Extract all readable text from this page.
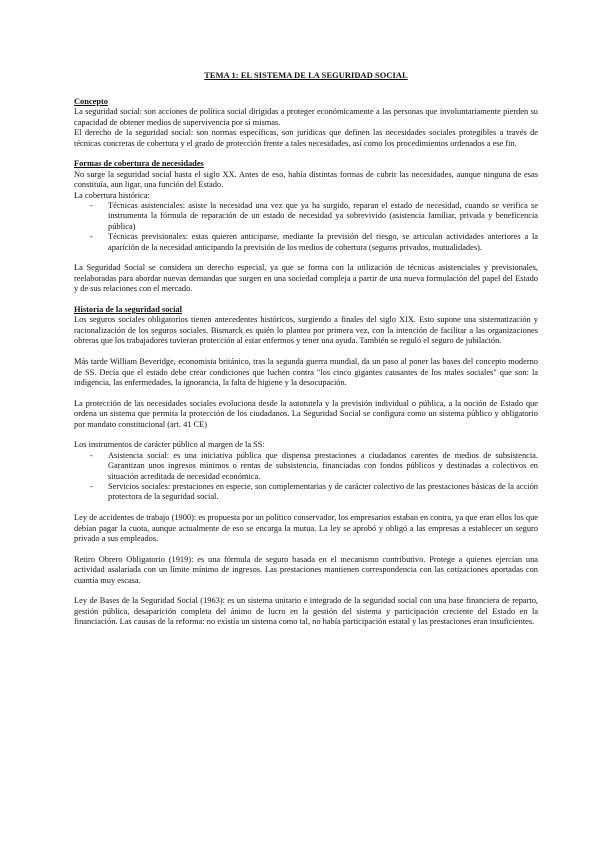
TEMA 1: EL SISTEMA DE LA SEGURIDAD SOCIAL
Concepto

La seguridad social: son acciones de política social dirigidas a proteger económicamente a las personas que involuntariamente pierden su capacidad de obtener medios de supervivencia por sí mismas.

El derecho de la seguridad social: son normas específicas, son jurídicas que definen las necesidades sociales protegibles a través de técnicas concretas de cobertura y el grado de protección frente a tales necesidades, así como los procedimientos ordenados a ese fin.

Formas de cobertura de necesidades

No surge la seguridad social hasta el siglo XX. Antes de eso, había distintas formas de cubrir las necesidades, aunque ninguna de esas constituía, aun ligar, una función del Estado.

La cobertura histórica:

- Técnicas asistenciales: asiste la necesidad una vez que ya ha surgido, reparan el estado de necesidad, cuando se verifica se instrumenta la fórmula de reparación de un estado de necesidad ya sobrevivido (asistencia familiar, privada y beneficencia pública)
- Técnicas previsionales: estas quieren anticiparse, mediante la previsión del riesgo, se articulan actividades anteriores a la aparición de la necesidad anticipando la previsión de los medios de cobertura (seguros privados, mutualidades).

La Seguridad Social se considera un derecho especial, ya que se forma con la utilización de técnicas asistenciales y previsionales, reelaboradas para abordar nuevas demandas que surgen en una sociedad compleja a partir de una nueva formulación del papel del Estado y de sus relaciones con el mercado.

Historia de la seguridad social

Los seguros sociales obligatorios tienen antecedentes históricos, surgiendo a finales del siglo XIX. Esto supone una sistematización y racionalización de los seguros sociales. Bismarck es quién lo plantea por primera vez, con la intención de facilitar a las organizaciones obreras que los trabajadores tuvieran protección al estar enfermos y tener una ayuda. También se reguló el seguro de jubilación.

Más tarde William Beveridge, economista británico, tras la segunda guerra mundial, da un paso al poner las bases del concepto moderno de SS. Decía que el estado debe crear condiciones que luchen contra "los cinco gigantes causantes de los males sociales" que son: la indigencia, las enfermedades, la ignorancia, la falta de higiene y la desocupación.

La protección de las necesidades sociales evoluciona desde la autotutela y la previsión individual o pública, a la noción de Estado que ordena un sistema que permita la protección de los ciudadanos. La Seguridad Social se configura como un sistema público y obligatorio por mandato constitucional (art. 41 CE)

Los instrumentos de carácter público al margen de la SS:

- Asistencia social: es una iniciativa pública que dispensa prestaciones a ciudadanos carentes de medios de subsistencia. Garantizan unos ingresos mínimos o rentas de subsistencia, financiadas con fondos públicos y destinadas a colectivos en situación acreditada de necesidad económica.
- Servicios sociales: prestaciones en especie, son complementarias y de carácter colectivo de las prestaciones básicas de la acción protectora de la seguridad social.

Ley de accidentes de trabajo (1900): es propuesta por un político conservador, los empresarios estaban en contra, ya que eran ellos los que debían pagar la cuota, aunque actualmente de eso se encarga la mutua. La ley se aprobó y obligó a las empresas a establecer un seguro privado a sus empleados.

Retiro Obrero Obligatorio (1919): es una fórmula de seguro basada en el mecanismo contributivo. Protege a quienes ejercían una actividad asalariada con un límite mínimo de ingresos. Las prestaciones mantienen correspondencia con las cotizaciones aportadas con cuantía muy escasa.

Ley de Bases de la Seguridad Social (1963): es un sistema unitario e integrado de la seguridad social con una base financiera de reparto, gestión pública, desaparición completa del ánimo de lucro en la gestión del sistema y participación creciente del Estado en la financiación. Las causas de la reforma: no existía un sistema como tal, no había participación estatal y las prestaciones eran insuficientes.
